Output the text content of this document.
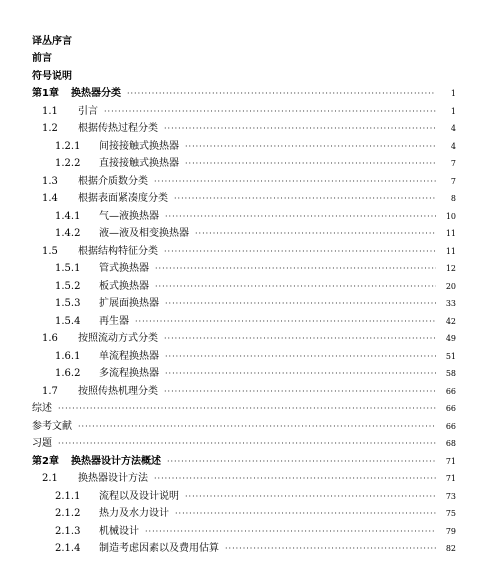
译丛序言
前言
符号说明
第1章 换热器分类 ·····	1
1.1	引言 ·····	1
1.2	根据传热过程分类 ·····	4
1.2.1	间接接触式换热器 ·····	4
1.2.2	直接接触式换热器 ·····	7
1.3	根据介质数分类 ·····	7
1.4	根据表面紧凑度分类 ·····	8
1.4.1	气—液换热器 ·····	10
1.4.2	液—液及相变换热器 ·····	11
1.5	根据结构特征分类 ·····	11
1.5.1	管式换热器 ·····	12
1.5.2	板式换热器 ·····	20
1.5.3	扩展面换热器 ·····	33
1.5.4	再生器 ·····	42
1.6	按照流动方式分类 ·····	49
1.6.1	单流程换热器 ·····	51
1.6.2	多流程换热器 ·····	58
1.7	按照传热机理分类 ·····	66
综述 ·····	66
参考文献 ·····	66
习题 ·····	68
第2章 换热器设计方法概述 ·····	71
2.1	换热器设计方法 ·····	71
2.1.1	流程以及设计说明 ·····	73
2.1.2	热力及水力设计 ·····	75
2.1.3	机械设计 ·····	79
2.1.4	制造考虑因素以及费用估算 ·····	82
